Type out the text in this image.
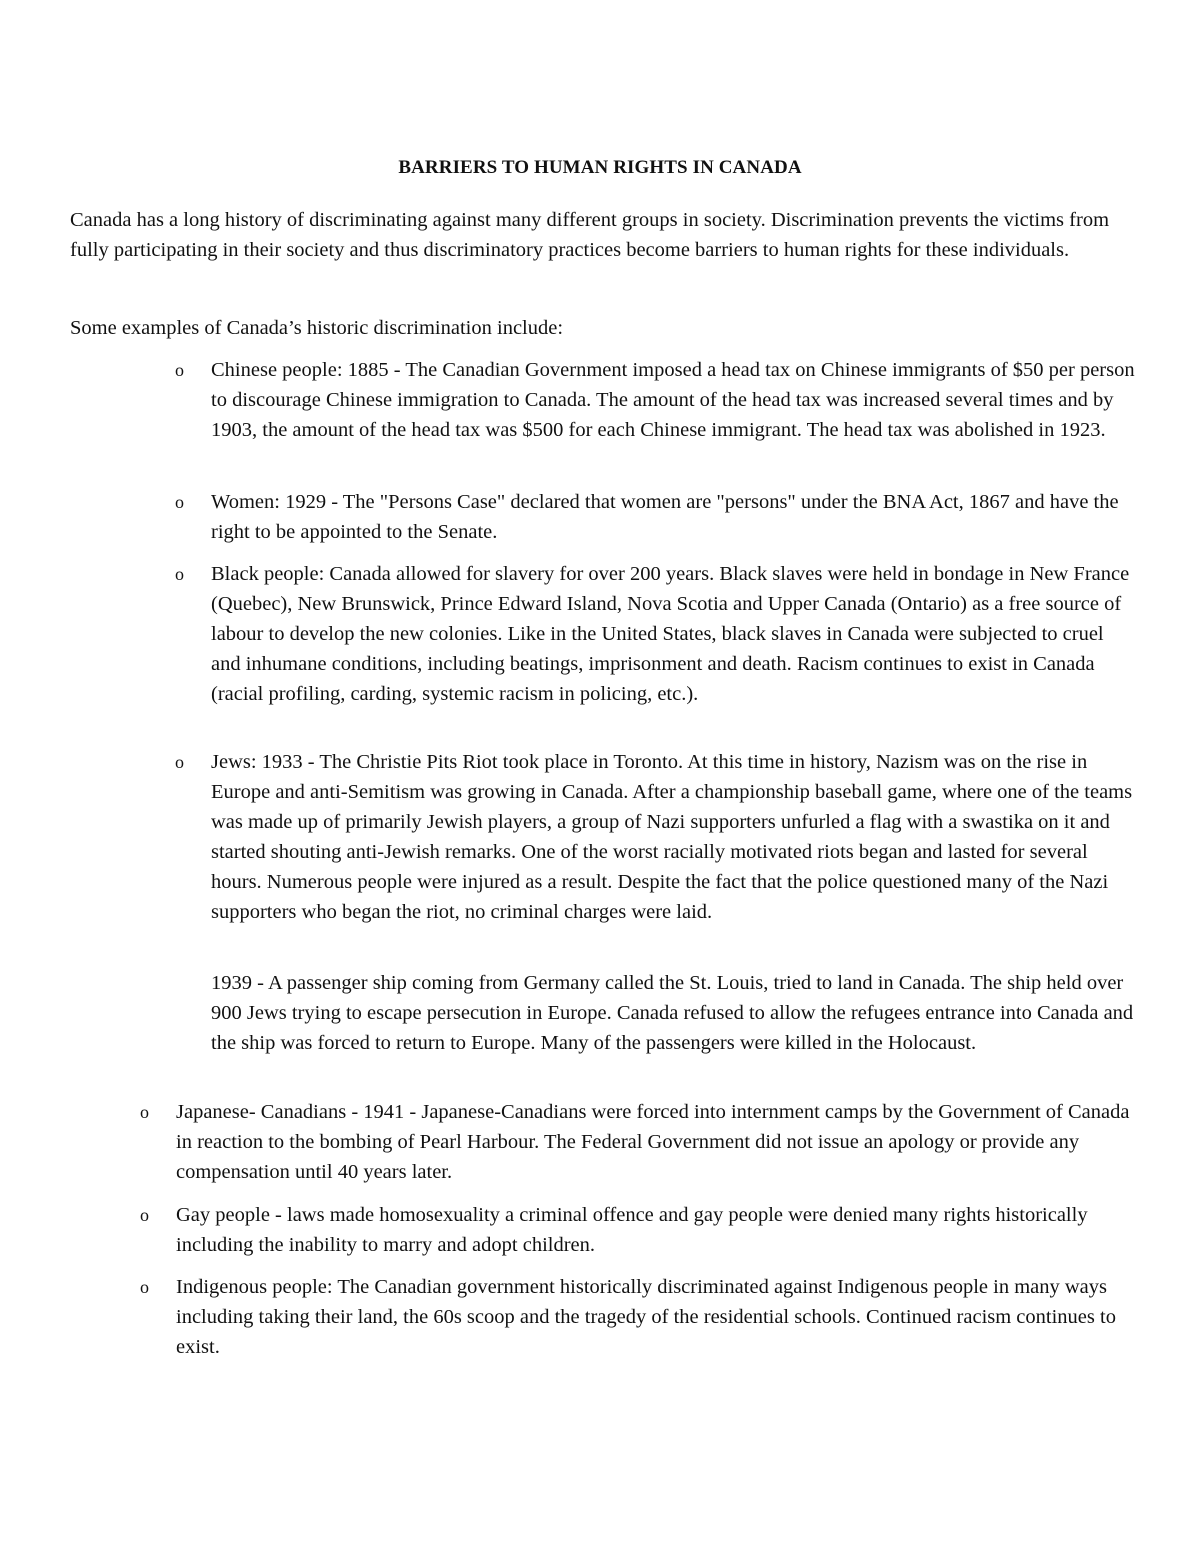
BARRIERS TO HUMAN RIGHTS IN CANADA

Canada has a long history of discriminating against many different groups in society. Discrimination prevents the victims from fully participating in their society and thus discriminatory practices become barriers to human rights for these individuals.

Some examples of Canada’s historic discrimination include:

o Chinese people: 1885 - The Canadian Government imposed a head tax on Chinese immigrants of $50 per person to discourage Chinese immigration to Canada. The amount of the head tax was increased several times and by 1903, the amount of the head tax was $500 for each Chinese immigrant. The head tax was abolished in 1923.

o Women: 1929 - The "Persons Case" declared that women are "persons" under the BNA Act, 1867 and have the right to be appointed to the Senate.

o Black people: Canada allowed for slavery for over 200 years. Black slaves were held in bondage in New France (Quebec), New Brunswick, Prince Edward Island, Nova Scotia and Upper Canada (Ontario) as a free source of labour to develop the new colonies. Like in the United States, black slaves in Canada were subjected to cruel and inhumane conditions, including beatings, imprisonment and death. Racism continues to exist in Canada (racial profiling, carding, systemic racism in policing, etc.).

o Jews: 1933 - The Christie Pits Riot took place in Toronto. At this time in history, Nazism was on the rise in Europe and anti-Semitism was growing in Canada. After a championship baseball game, where one of the teams was made up of primarily Jewish players, a group of Nazi supporters unfurled a flag with a swastika on it and started shouting anti-Jewish remarks. One of the worst racially motivated riots began and lasted for several hours. Numerous people were injured as a result. Despite the fact that the police questioned many of the Nazi supporters who began the riot, no criminal charges were laid.

1939 - A passenger ship coming from Germany called the St. Louis, tried to land in Canada. The ship held over 900 Jews trying to escape persecution in Europe. Canada refused to allow the refugees entrance into Canada and the ship was forced to return to Europe. Many of the passengers were killed in the Holocaust.

o Japanese- Canadians - 1941 - Japanese-Canadians were forced into internment camps by the Government of Canada in reaction to the bombing of Pearl Harbour. The Federal Government did not issue an apology or provide any compensation until 40 years later.

o Gay people - laws made homosexuality a criminal offence and gay people were denied many rights historically including the inability to marry and adopt children.

o Indigenous people: The Canadian government historically discriminated against Indigenous people in many ways including taking their land, the 60s scoop and the tragedy of the residential schools. Continued racism continues to exist.
